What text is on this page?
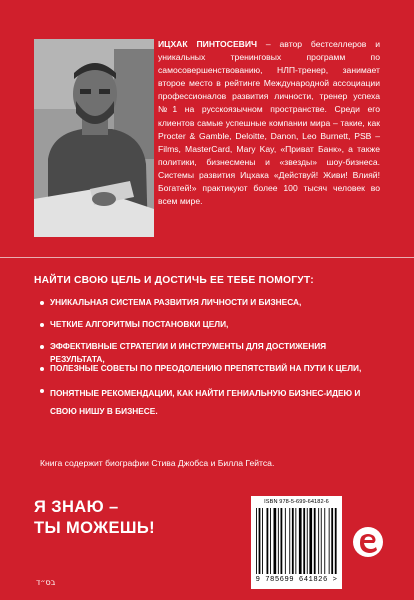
ИЦХАК ПИНТОСЕВИЧ – автор бестселлеров и уникальных тренинговых программ по самосовершенствованию, НЛП-тренер, занимает второе место в рейтинге Международной ассоциации профессионалов развития личности, тренер успеха №1 на русскоязычном пространстве. Среди его клиентов самые успешные компании мира – такие, как Procter & Gamble, Deloitte, Danon, Leo Burnett, PSB – Films, MasterCard, Mary Kay, «Приват Банк», а также политики, бизнесмены и «звезды» шоу-бизнеса. Системы развития Ицхака «Действуй! Живи! Влияй! Богатей!» практикуют более 100 тысяч человек во всем мире.

НАЙТИ СВОЮ ЦЕЛЬ И ДОСТИЧЬ ЕЕ ТЕБЕ ПОМОГУТ:

УНИКАЛЬНАЯ СИСТЕМА РАЗВИТИЯ ЛИЧНОСТИ И БИЗНЕСА,
ЧЕТКИЕ АЛГОРИТМЫ ПОСТАНОВКИ ЦЕЛИ,
ЭФФЕКТИВНЫЕ СТРАТЕГИИ И ИНСТРУМЕНТЫ ДЛЯ ДОСТИЖЕНИЯ РЕЗУЛЬТАТА,
ПОЛЕЗНЫЕ СОВЕТЫ ПО ПРЕОДОЛЕНИЮ ПРЕПЯТСТВИЙ НА ПУТИ К ЦЕЛИ,
ПОНЯТНЫЕ РЕКОМЕНДАЦИИ, КАК НАЙТИ ГЕНИАЛЬНУЮ БИЗНЕС-ИДЕЮ И СВОЮ НИШУ В БИЗНЕСЕ.

Книга содержит биографии Стива Джобса и Билла Гейтса.

Я ЗНАЮ –
ТЫ МОЖЕШЬ!

בס״ד
ISBN 978-5-699-64182-6
9 785699 641826 >
